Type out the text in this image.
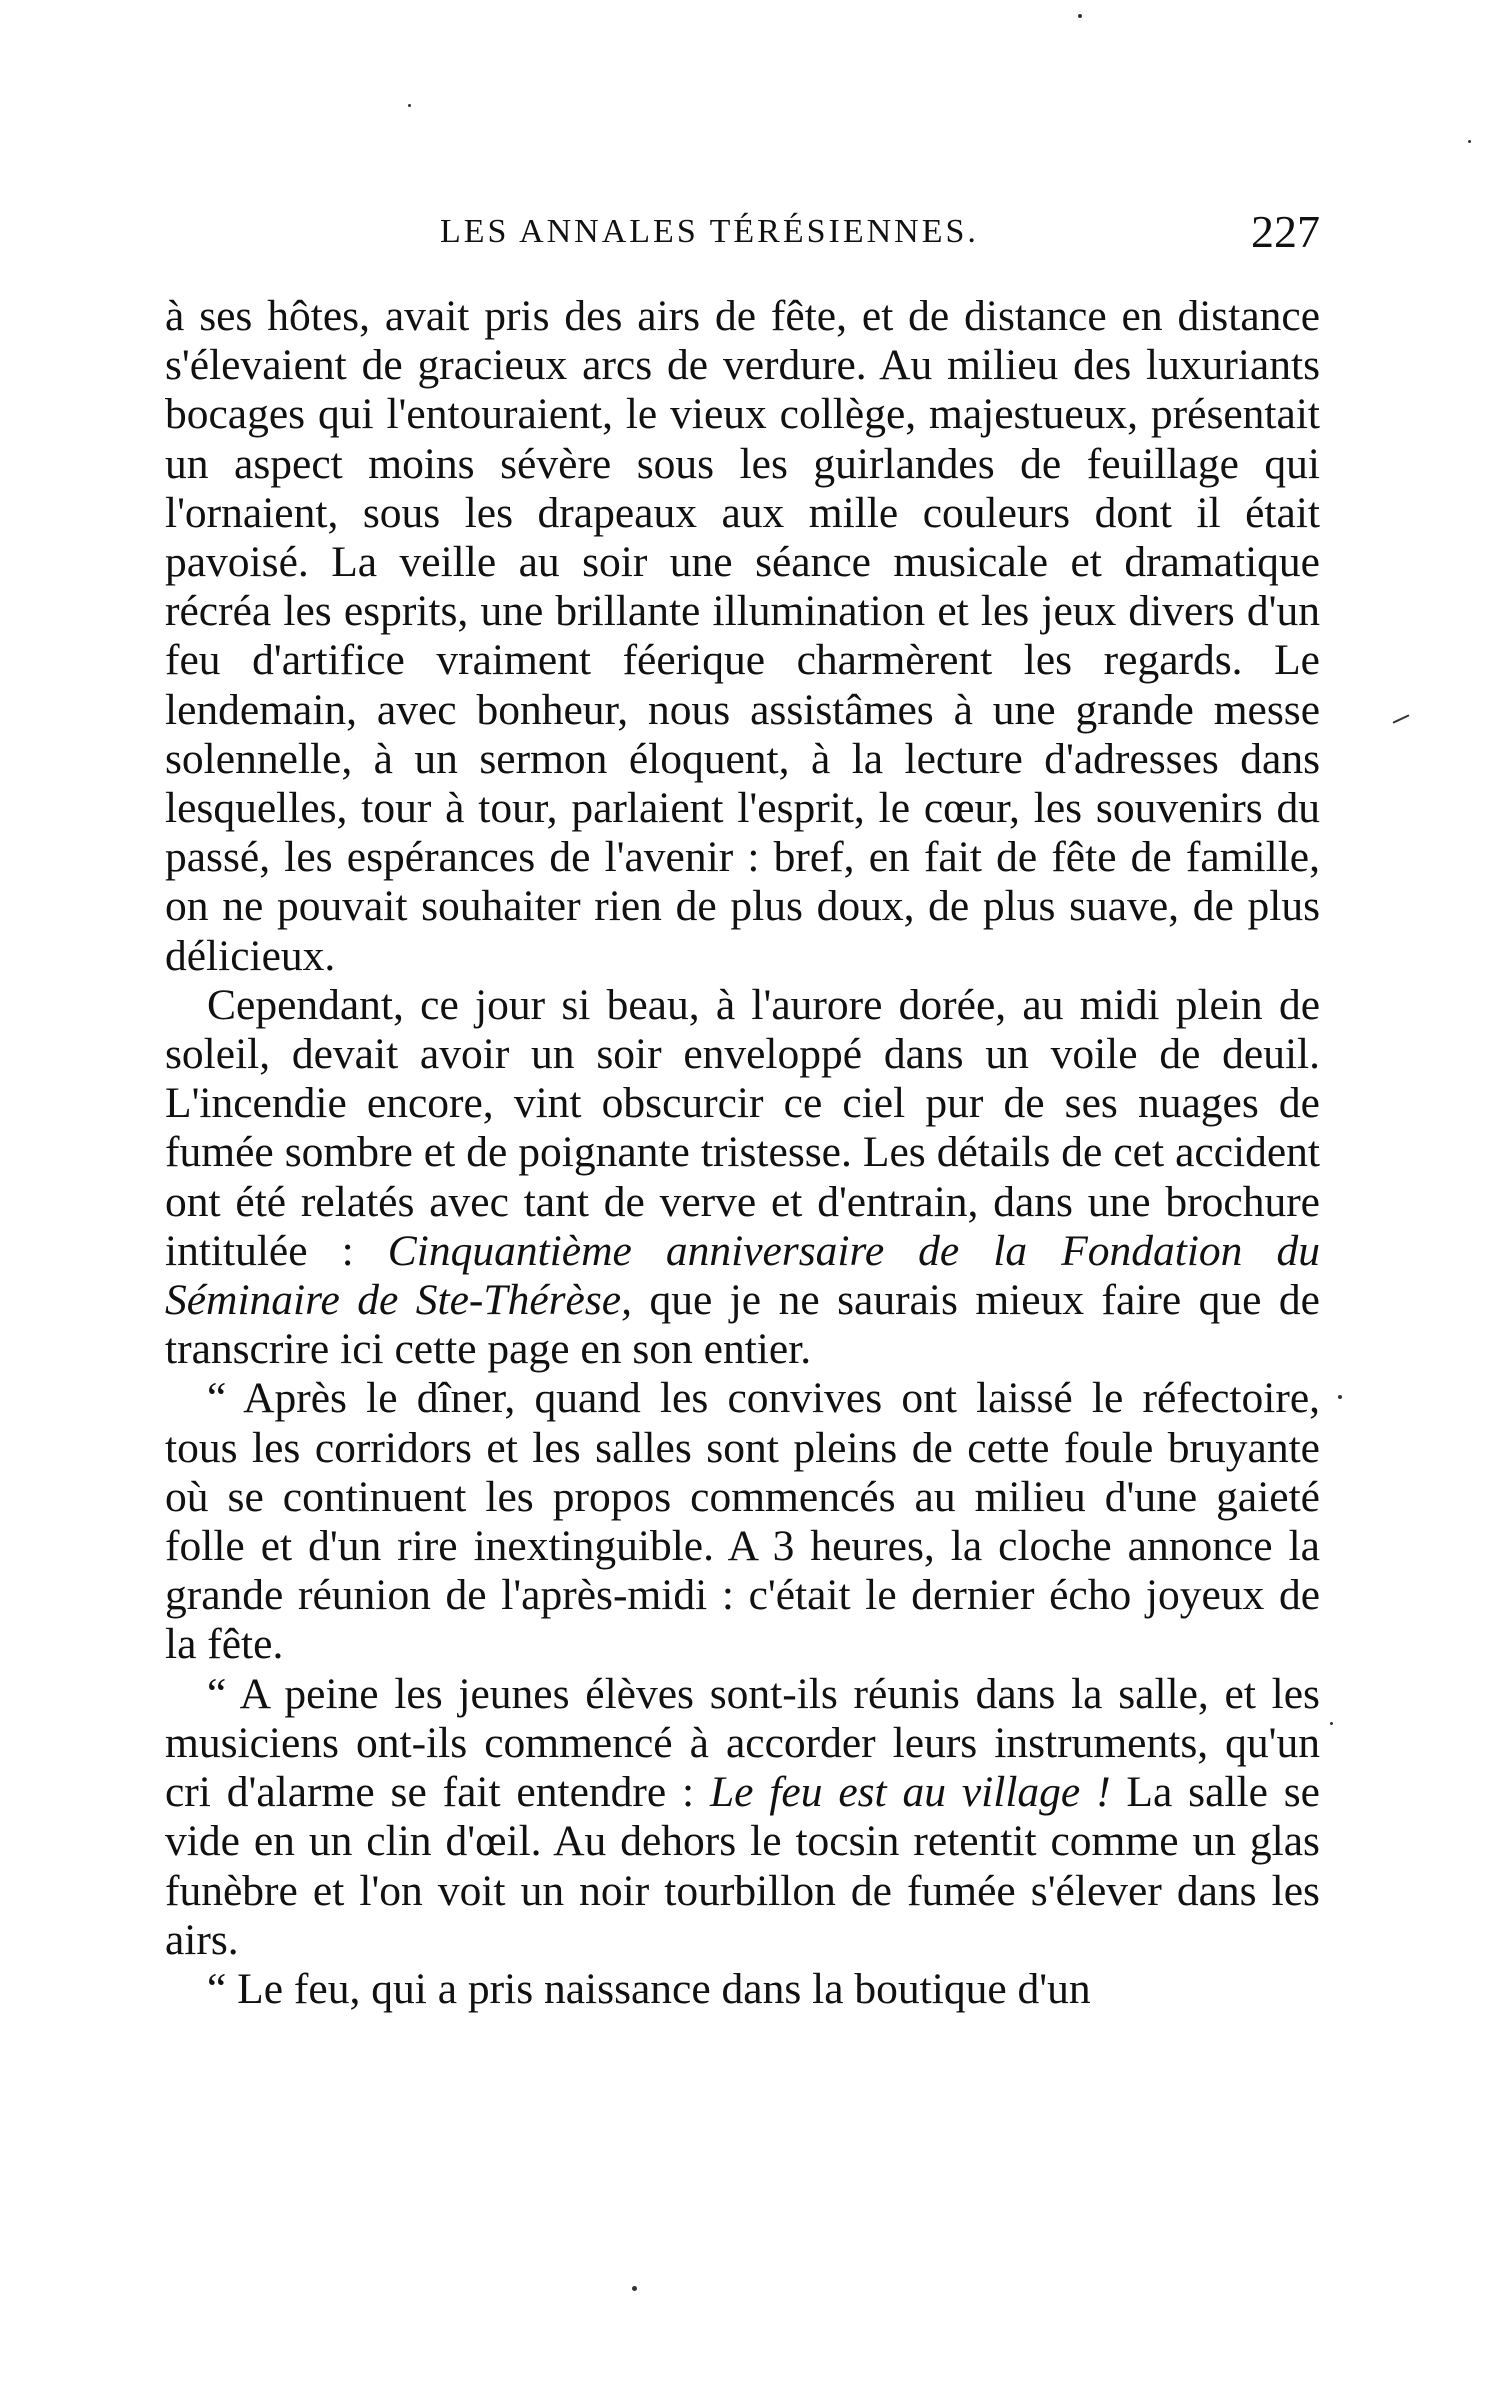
LES ANNALES TÉRÉSIENNES.	227

à ses hôtes, avait pris des airs de fête, et de distance en distance s'élevaient de gracieux arcs de verdure. Au milieu des luxuriants bocages qui l'entouraient, le vieux collège, majestueux, présentait un aspect moins sévère sous les guirlandes de feuillage qui l'ornaient, sous les drapeaux aux mille couleurs dont il était pavoisé. La veille au soir une séance musicale et dramatique récréa les esprits, une brillante illumination et les jeux divers d'un feu d'artifice vraiment féerique charmèrent les regards. Le lendemain, avec bonheur, nous assistâmes à une grande messe solennelle, à un sermon éloquent, à la lecture d'adresses dans lesquelles, tour à tour, parlaient l'esprit, le cœur, les souvenirs du passé, les espérances de l'avenir : bref, en fait de fête de famille, on ne pouvait souhaiter rien de plus doux, de plus suave, de plus délicieux.

Cependant, ce jour si beau, à l'aurore dorée, au midi plein de soleil, devait avoir un soir enveloppé dans un voile de deuil. L'incendie encore, vint obscurcir ce ciel pur de ses nuages de fumée sombre et de poignante tristesse. Les détails de cet accident ont été relatés avec tant de verve et d'entrain, dans une brochure intitulée : Cinquantième anniversaire de la Fondation du Séminaire de Ste-Thérèse, que je ne saurais mieux faire que de transcrire ici cette page en son entier.

“ Après le dîner, quand les convives ont laissé le réfectoire, tous les corridors et les salles sont pleins de cette foule bruyante où se continuent les propos commencés au milieu d'une gaieté folle et d'un rire inextinguible. A 3 heures, la cloche annonce la grande réunion de l'après-midi : c'était le dernier écho joyeux de la fête.

“ A peine les jeunes élèves sont-ils réunis dans la salle, et les musiciens ont-ils commencé à accorder leurs instruments, qu'un cri d'alarme se fait entendre : Le feu est au village ! La salle se vide en un clin d'œil. Au dehors le tocsin retentit comme un glas funèbre et l'on voit un noir tourbillon de fumée s'élever dans les airs.

“ Le feu, qui a pris naissance dans la boutique d'un
